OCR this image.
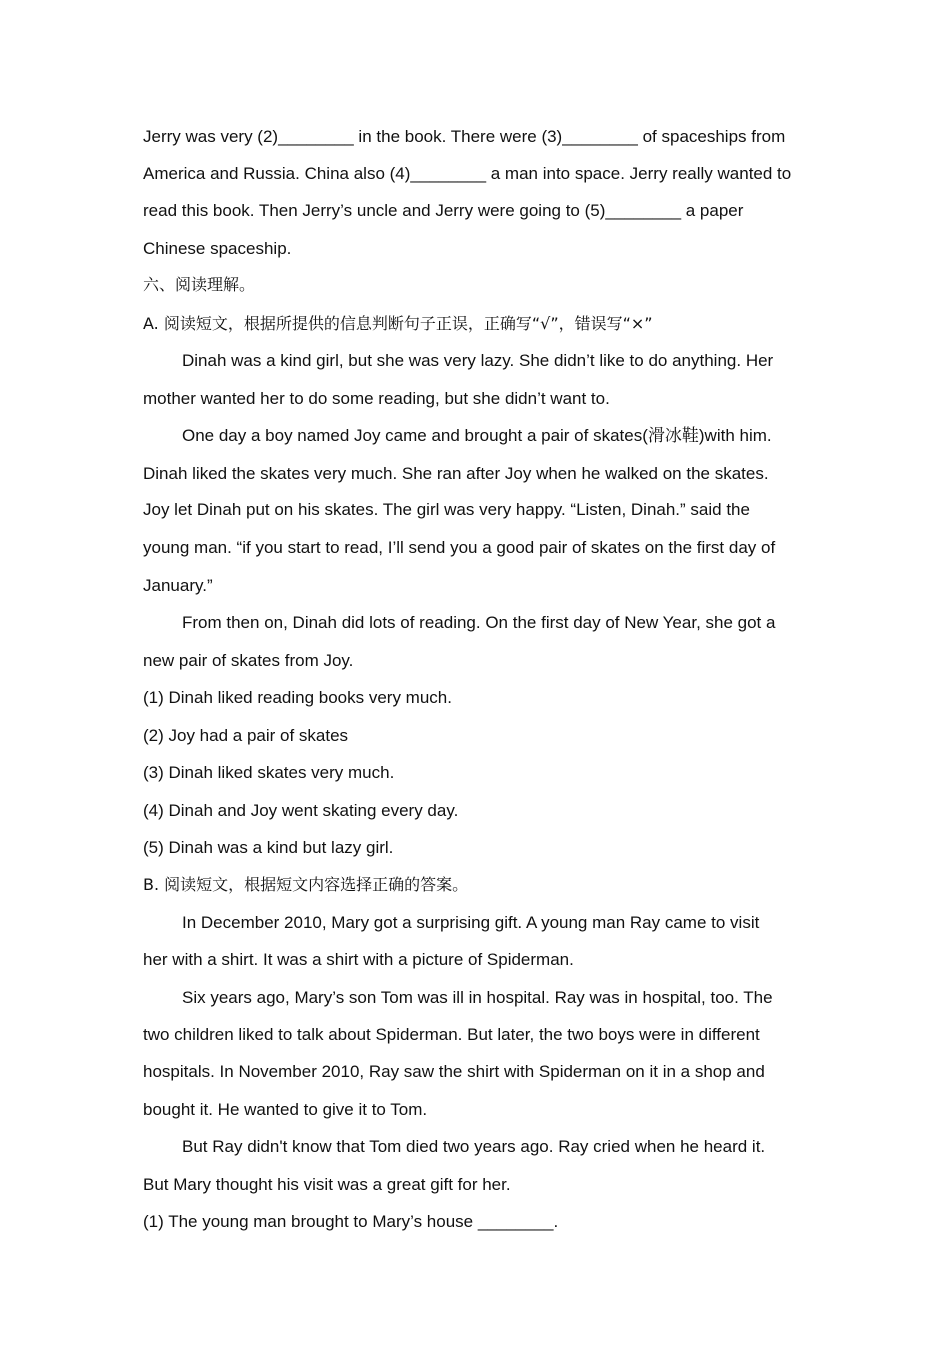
Jerry was very (2)________ in the book. There were (3)________ of spaceships from
America and Russia. China also (4)________ a man into space. Jerry really wanted to
read this book. Then Jerry’s uncle and Jerry were going to (5)________ a paper
Chinese spaceship.
六、阅读理解。
A. 阅读短文，根据所提供的信息判断句子正误，正确写“√”，错误写“×”
Dinah was a kind girl, but she was very lazy. She didn’t like to do anything. Her
mother wanted her to do some reading, but she didn’t want to.
One day a boy named Joy came and brought a pair of skates(滑冰鞋)with him.
Dinah liked the skates very much. She ran after Joy when he walked on the skates.
Joy let Dinah put on his skates. The girl was very happy. “Listen, Dinah.” said the
young man. “if you start to read, I’ll send you a good pair of skates on the first day of
January.”
From then on, Dinah did lots of reading. On the first day of New Year, she got a
new pair of skates from Joy.
(1) Dinah liked reading books very much.
(2) Joy had a pair of skates
(3) Dinah liked skates very much.
(4) Dinah and Joy went skating every day.
(5) Dinah was a kind but lazy girl.
B. 阅读短文，根据短文内容选择正确的答案。
In December 2010, Mary got a surprising gift. A young man Ray came to visit
her with a shirt. It was a shirt with a picture of Spiderman.
Six years ago, Mary’s son Tom was ill in hospital. Ray was in hospital, too. The
two children liked to talk about Spiderman. But later, the two boys were in different
hospitals. In November 2010, Ray saw the shirt with Spiderman on it in a shop and
bought it. He wanted to give it to Tom.
But Ray didn't know that Tom died two years ago. Ray cried when he heard it.
But Mary thought his visit was a great gift for her.
(1) The young man brought to Mary’s house ________.
